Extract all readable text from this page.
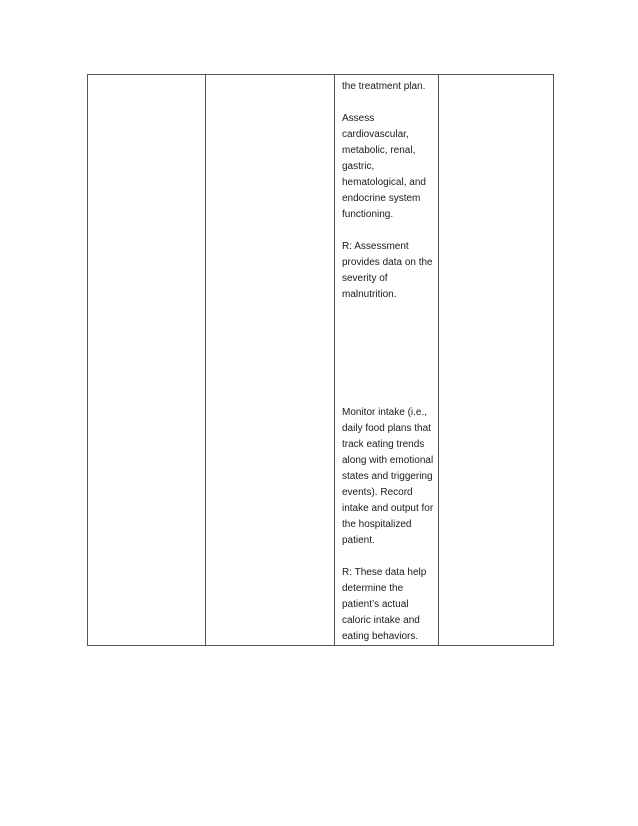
the treatment plan.

Assess cardiovascular, metabolic, renal, gastric, hematological, and endocrine system functioning.

R: Assessment provides data on the severity of malnutrition.

Monitor intake (i.e., daily food plans that track eating trends along with emotional states and triggering events). Record intake and output for the hospitalized patient.

R: These data help determine the patient’s actual caloric intake and eating behaviors.
